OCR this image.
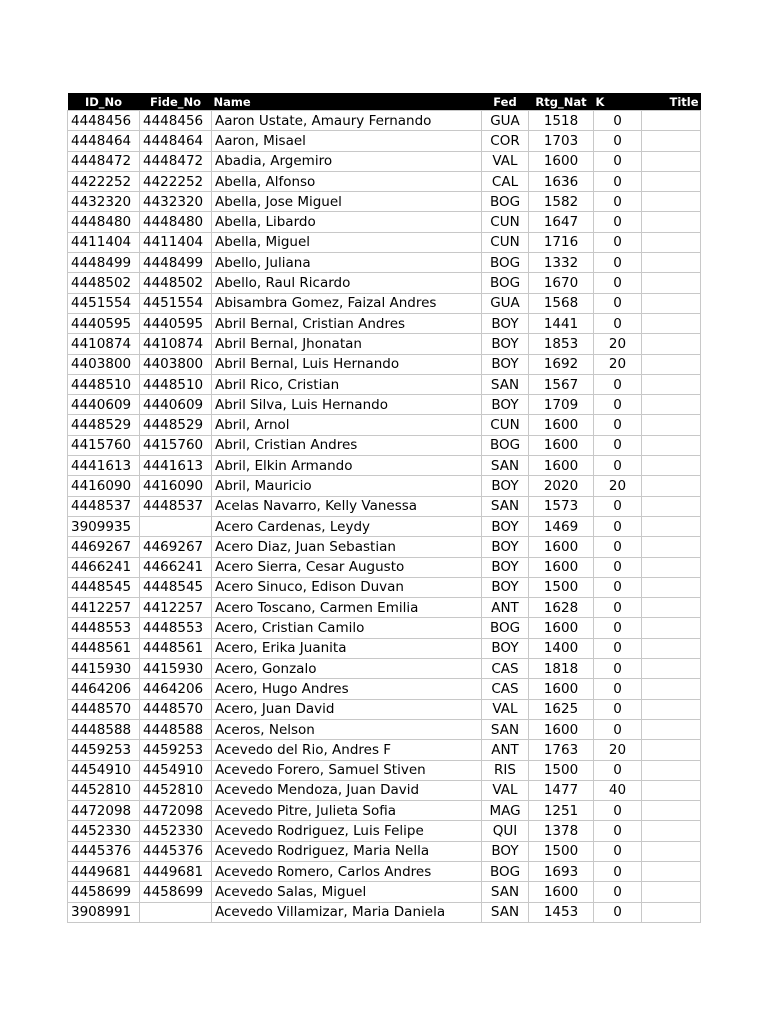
ID_No	Fide_No	Name	Fed	Rtg_Nat	K	Title
4448456	4448456	Aaron Ustate, Amaury Fernando	GUA	1518	0	
4448464	4448464	Aaron, Misael	COR	1703	0	
4448472	4448472	Abadia, Argemiro	VAL	1600	0	
4422252	4422252	Abella, Alfonso	CAL	1636	0	
4432320	4432320	Abella, Jose Miguel	BOG	1582	0	
4448480	4448480	Abella, Libardo	CUN	1647	0	
4411404	4411404	Abella, Miguel	CUN	1716	0	
4448499	4448499	Abello, Juliana	BOG	1332	0	
4448502	4448502	Abello, Raul Ricardo	BOG	1670	0	
4451554	4451554	Abisambra Gomez, Faizal Andres	GUA	1568	0	
4440595	4440595	Abril Bernal, Cristian Andres	BOY	1441	0	
4410874	4410874	Abril Bernal, Jhonatan	BOY	1853	20	
4403800	4403800	Abril Bernal, Luis Hernando	BOY	1692	20	
4448510	4448510	Abril Rico, Cristian	SAN	1567	0	
4440609	4440609	Abril Silva, Luis Hernando	BOY	1709	0	
4448529	4448529	Abril, Arnol	CUN	1600	0	
4415760	4415760	Abril, Cristian Andres	BOG	1600	0	
4441613	4441613	Abril, Elkin Armando	SAN	1600	0	
4416090	4416090	Abril, Mauricio	BOY	2020	20	
4448537	4448537	Acelas Navarro, Kelly Vanessa	SAN	1573	0	
3909935		Acero Cardenas, Leydy	BOY	1469	0	
4469267	4469267	Acero Diaz, Juan Sebastian	BOY	1600	0	
4466241	4466241	Acero Sierra, Cesar Augusto	BOY	1600	0	
4448545	4448545	Acero Sinuco, Edison Duvan	BOY	1500	0	
4412257	4412257	Acero Toscano, Carmen Emilia	ANT	1628	0	
4448553	4448553	Acero, Cristian Camilo	BOG	1600	0	
4448561	4448561	Acero, Erika Juanita	BOY	1400	0	
4415930	4415930	Acero, Gonzalo	CAS	1818	0	
4464206	4464206	Acero, Hugo Andres	CAS	1600	0	
4448570	4448570	Acero, Juan David	VAL	1625	0	
4448588	4448588	Aceros, Nelson	SAN	1600	0	
4459253	4459253	Acevedo del Rio, Andres F	ANT	1763	20	
4454910	4454910	Acevedo Forero, Samuel Stiven	RIS	1500	0	
4452810	4452810	Acevedo Mendoza, Juan David	VAL	1477	40	
4472098	4472098	Acevedo Pitre, Julieta Sofia	MAG	1251	0	
4452330	4452330	Acevedo Rodriguez, Luis Felipe	QUI	1378	0	
4445376	4445376	Acevedo Rodriguez, Maria Nella	BOY	1500	0	
4449681	4449681	Acevedo Romero, Carlos Andres	BOG	1693	0	
4458699	4458699	Acevedo Salas, Miguel	SAN	1600	0	
3908991		Acevedo Villamizar, Maria Daniela	SAN	1453	0	
